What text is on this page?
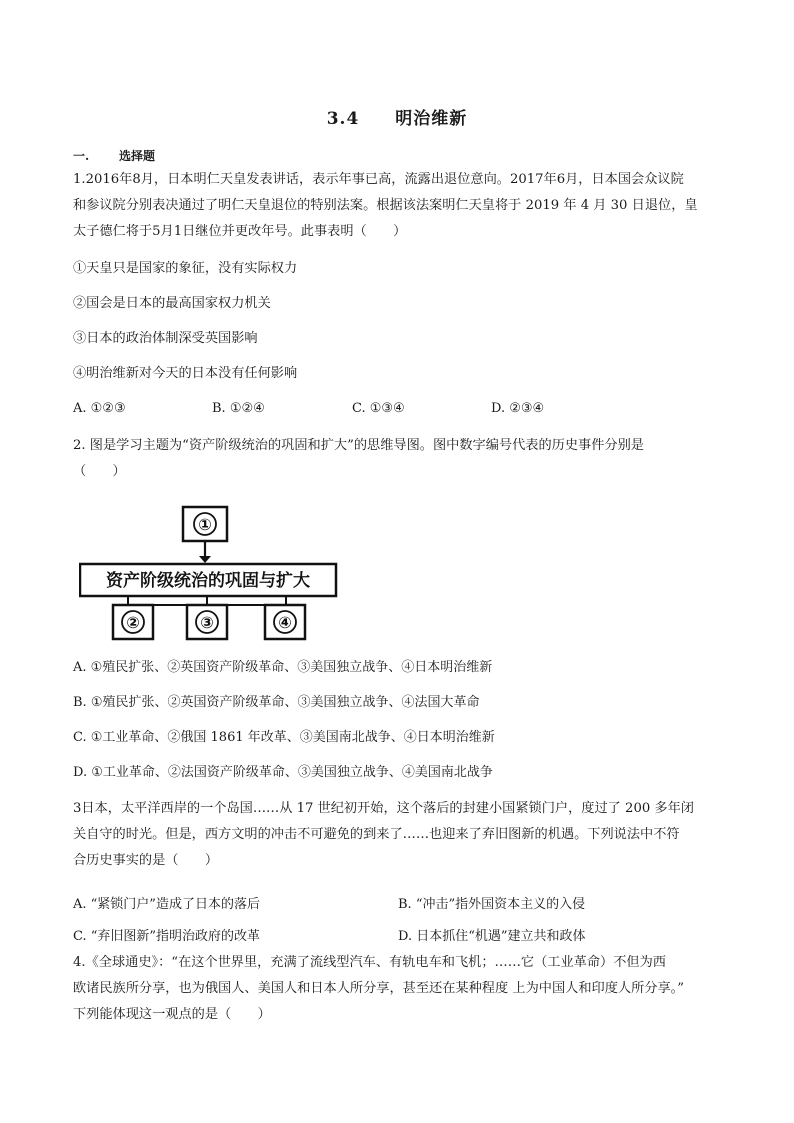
3.4　　明治维新
一. 选择题
1.2016年8月，日本明仁天皇发表讲话，表示年事已高，流露出退位意向。2017年6月，日本国会众议院
和参议院分别表决通过了明仁天皇退位的特别法案。根据该法案明仁天皇将于 2019 年 4 月 30 日退位，皇
太子德仁将于5月1日继位并更改年号。此事表明（　　）
①天皇只是国家的象征，没有实际权力
②国会是日本的最高国家权力机关
③日本的政治体制深受英国影响
④明治维新对今天的日本没有任何影响
A. ①②③	B. ①②④	C. ①③④	D. ②③④
2. 图是学习主题为“资产阶级统治的巩固和扩大”的思维导图。图中数字编号代表的历史事件分别是
（　　）
①
资产阶级统治的巩固与扩大
②	③	④
A. ①殖民扩张、②英国资产阶级革命、③美国独立战争、④日本明治维新
B. ①殖民扩张、②英国资产阶级革命、③美国独立战争、④法国大革命
C. ①工业革命、②俄国 1861 年改革、③美国南北战争、④日本明治维新
D. ①工业革命、②法国资产阶级革命、③美国独立战争、④美国南北战争
3日本，太平洋西岸的一个岛国……从 17 世纪初开始，这个落后的封建小国紧锁门户，度过了 200 多年闭
关自守的时光。但是，西方文明的冲击不可避免的到来了……也迎来了弃旧图新的机遇。下列说法中不符
合历史事实的是（　　）
A. “紧锁门户”造成了日本的落后	B. “冲击”指外国资本主义的入侵
C. “弃旧图新”指明治政府的改革	D. 日本抓住“机遇”建立共和政体
4.《全球通史》：“在这个世界里，充满了流线型汽车、有轨电车和飞机；……它（工业革命）不但为西
欧诸民族所分享，也为俄国人、美国人和日本人所分享，甚至还在某种程度 上为中国人和印度人所分享。”
下列能体现这一观点的是（　　）
